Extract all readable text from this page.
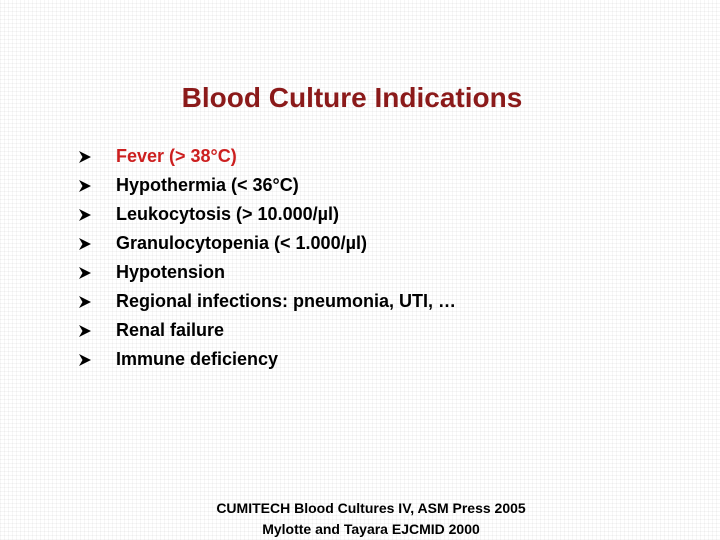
Blood Culture Indications
Fever (> 38°C)
Hypothermia (< 36°C)
Leukocytosis (> 10.000/µl)
Granulocytopenia (< 1.000/µl)
Hypotension
Regional infections: pneumonia, UTI, …
Renal failure
Immune deficiency
CUMITECH Blood Cultures IV, ASM Press 2005
Mylotte and Tayara EJCMID 2000
